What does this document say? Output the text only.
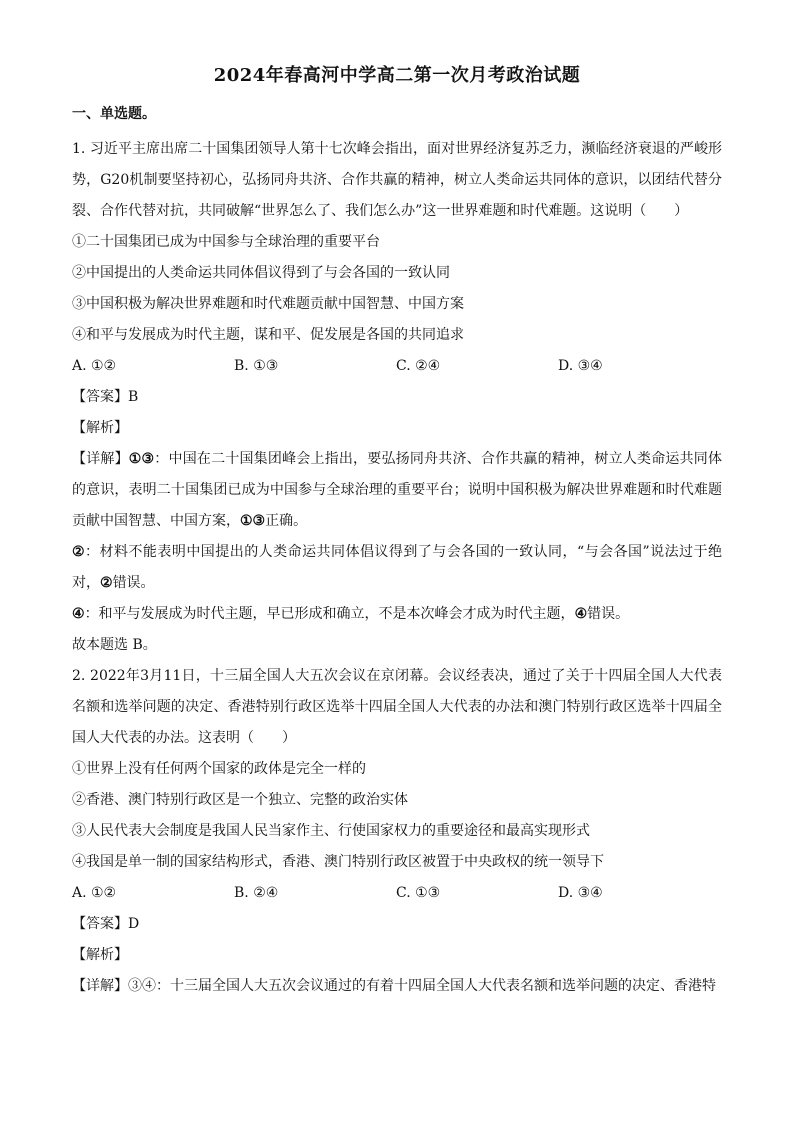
2024年春高河中学高二第一次月考政治试题
一、单选题。

1. 习近平主席出席二十国集团领导人第十七次峰会指出，面对世界经济复苏乏力，濒临经济衰退的严峻形势，G20机制要坚持初心，弘扬同舟共济、合作共赢的精神，树立人类命运共同体的意识，以团结代替分裂、合作代替对抗，共同破解“世界怎么了、我们怎么办”这一世界难题和时代难题。这说明（　　）

①二十国集团已成为中国参与全球治理的重要平台

②中国提出的人类命运共同体倡议得到了与会各国的一致认同

③中国积极为解决世界难题和时代难题贡献中国智慧、中国方案

④和平与发展成为时代主题，谋和平、促发展是各国的共同追求

A. ①②	B. ①③	C. ②④	D. ③④

【答案】B

【解析】

【详解】①③：中国在二十国集团峰会上指出，要弘扬同舟共济、合作共赢的精神，树立人类命运共同体的意识，表明二十国集团已成为中国参与全球治理的重要平台；说明中国积极为解决世界难题和时代难题贡献中国智慧、中国方案，①③正确。

②：材料不能表明中国提出的人类命运共同体倡议得到了与会各国的一致认同，“与会各国”说法过于绝对，②错误。

④：和平与发展成为时代主题，早已形成和确立，不是本次峰会才成为时代主题，④错误。

故本题选 B。

2. 2022年3月11日，十三届全国人大五次会议在京闭幕。会议经表决，通过了关于十四届全国人大代表名额和选举问题的决定、香港特别行政区选举十四届全国人大代表的办法和澳门特别行政区选举十四届全国人大代表的办法。这表明（　　）

①世界上没有任何两个国家的政体是完全一样的

②香港、澳门特别行政区是一个独立、完整的政治实体

③人民代表大会制度是我国人民当家作主、行使国家权力的重要途径和最高实现形式

④我国是单一制的国家结构形式，香港、澳门特别行政区被置于中央政权的统一领导下

A. ①②	B. ②④	C. ①③	D. ③④

【答案】D

【解析】

【详解】③④：十三届全国人大五次会议通过的有着十四届全国人大代表名额和选举问题的决定、香港特
